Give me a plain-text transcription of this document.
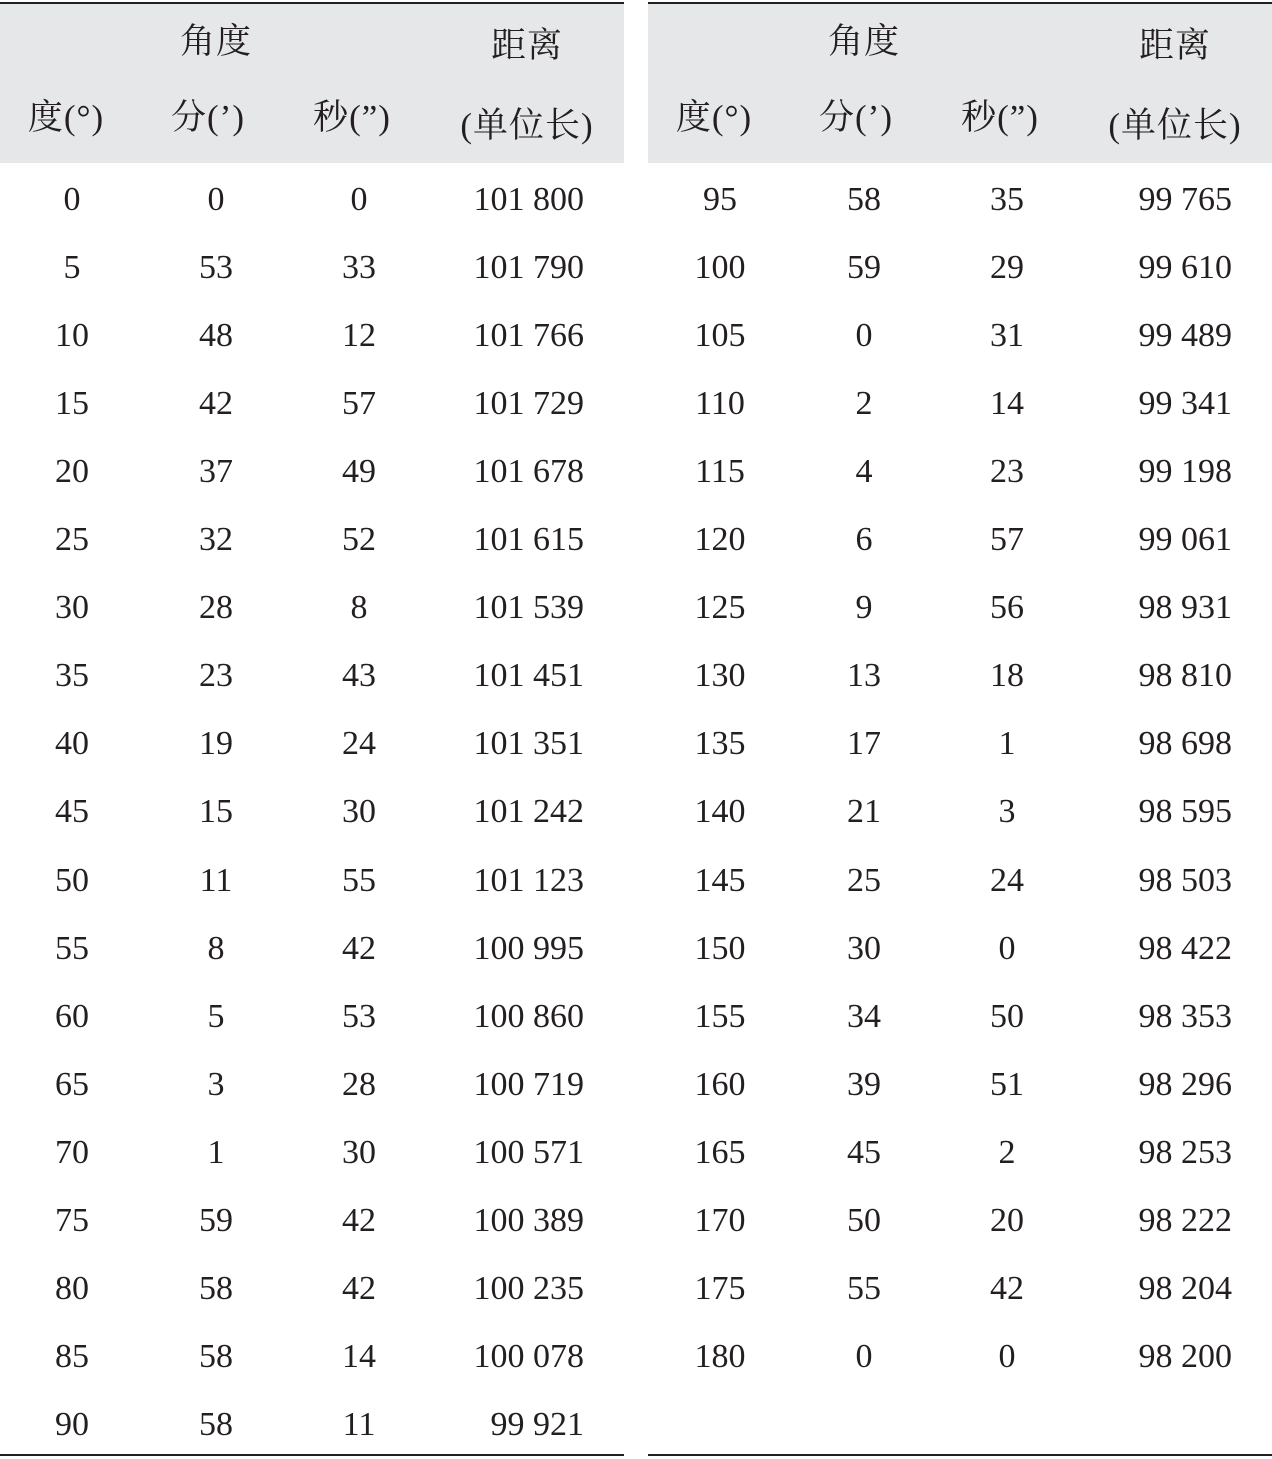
角度	距离
度(°) 分(’) 秒(”) (单位长)
0	0	0	101 800
5	53	33	101 790
10	48	12	101 766
15	42	57	101 729
20	37	49	101 678
25	32	52	101 615
30	28	8	101 539
35	23	43	101 451
40	19	24	101 351
45	15	30	101 242
50	11	55	101 123
55	8	42	100 995
60	5	53	100 860
65	3	28	100 719
70	1	30	100 571
75	59	42	100 389
80	58	42	100 235
85	58	14	100 078
90	58	11	99 921
角度	距离
度(°) 分(’) 秒(”) (单位长)
95	58	35	99 765
100	59	29	99 610
105	0	31	99 489
110	2	14	99 341
115	4	23	99 198
120	6	57	99 061
125	9	56	98 931
130	13	18	98 810
135	17	1	98 698
140	21	3	98 595
145	25	24	98 503
150	30	0	98 422
155	34	50	98 353
160	39	51	98 296
165	45	2	98 253
170	50	20	98 222
175	55	42	98 204
180	0	0	98 200
